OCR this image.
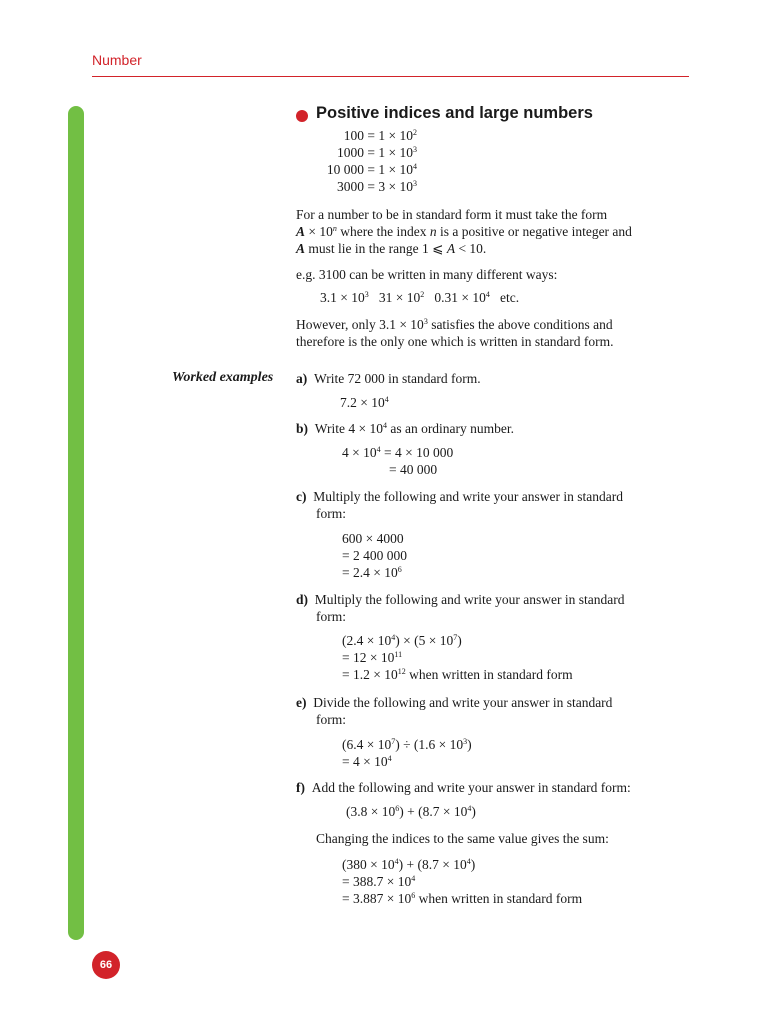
Number
66
Positive indices and large numbers
$100 = 1 \times 10^2$
$1000 = 1 \times 10^3$
10 $000 = 1 \times 10^4$
$3000 = 3 \times 10^3$
For a number to be in standard form it must take the form
$A \times 10^n$ where the index n is a positive or negative integer and
A must lie in the range 1 ⩽ A < 10.
e.g. 3100 can be written in many different ways:
$3.1 \times 10^3$ $31 \times 10^2$ $0.31 \times 10^4$ etc.
However, only $3.1 \times 10^3$ satisfies the above conditions and
therefore is the only one which is written in standard form.
Worked examples a) Write 72 000 in standard form.
$7.2 \times 10^4$
b) Write $4 \times 10^4$ as an ordinary number.
$4 \times 10^4 = 4 \times 10$ 000
= 40 000
c) Multiply the following and write your answer in standard
form:
600 × 4000
= 2 400 000
= $2.4 \times 10^6$
d) Multiply the following and write your answer in standard
form:
$(2.4 \times 10^4) \times (5 \times 10^7)$
= $12 \times 10^{11}$
= $1.2 \times 10^{12}$ when written in standard form
e) Divide the following and write your answer in standard
form:
$(6.4 \times 10^7) \div (1.6 \times 10^3)$
= $4 \times 10^4$
f) Add the following and write your answer in standard form:
$(3.8 \times 10^6) + (8.7 \times 10^4)$
Changing the indices to the same value gives the sum:
$(380 \times 10^4) + (8.7 \times 10^4)$
= $388.7 \times 10^4$
= $3.887 \times 10^6$ when written in standard form
